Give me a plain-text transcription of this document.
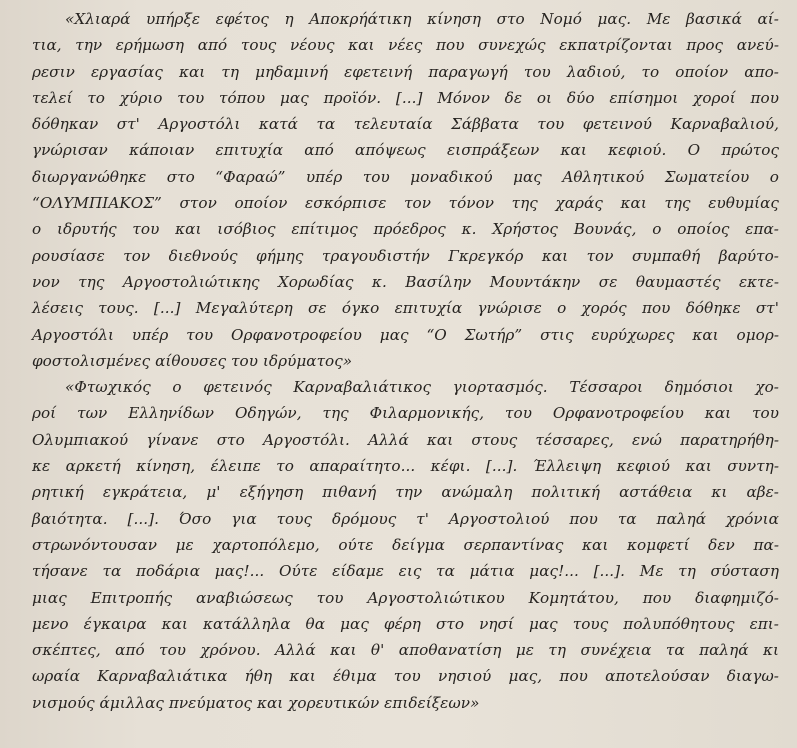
«Χλιαρά υπήρξε εφέτος η Αποκρήάτικη κίνηση στο Νομό μας. Με βασικά αί-
τια, την ερήμωση από τους νέους και νέες που συνεχώς εκπατρίζονται προς ανεύ-
ρεσιν εργασίας και τη μηδαμινή εφετεινή παραγωγή του λαδιού, το οποίον απο-
τελεί το χύριο του τόπου μας προϊόν. [...] Μόνον δε οι δύο επίσημοι χοροί που
δόθηκαν στ' Αργοστόλι κατά τα τελευταία Σάββατα του φετεινού Καρναβαλιού,
γνώρισαν κάποιαν επιτυχία από απόψεως εισπράξεων και κεφιού. Ο πρώτος
διωργανώθηκε στο “Φαραώ” υπέρ του μοναδικού μας Αθλητικού Σωματείου ο
“ΟΛΥΜΠΙΑΚΟΣ” στον οποίον εσκόρπισε τον τόνον της χαράς και της ευθυμίας
ο ιδρυτής του και ισόβιος επίτιμος πρόεδρος κ. Χρήστος Βουνάς, ο οποίος επα-
ρουσίασε τον διεθνούς φήμης τραγουδιστήν Γκρεγκόρ και τον συμπαθή βαρύτο-
νον της Αργοστολιώτικης Χορωδίας κ. Βασίλην Μουντάκην σε θαυμαστές εκτε-
λέσεις τους. [...] Μεγαλύτερη σε όγκο επιτυχία γνώρισε ο χορός που δόθηκε στ'
Αργοστόλι υπέρ του Ορφανοτροφείου μας “Ο Σωτήρ” στις ευρύχωρες και ομορ-
φοστολισμένες αίθουσες του ιδρύματος»
«Φτωχικός ο φετεινός Καρναβαλιάτικος γιορτασμός. Τέσσαροι δημόσιοι χο-
ροί των Ελληνίδων Οδηγών, της Φιλαρμονικής, του Ορφανοτροφείου και του
Ολυμπιακού γίνανε στο Αργοστόλι. Αλλά και στους τέσσαρες, ενώ παρατηρήθη-
κε αρκετή κίνηση, έλειπε το απαραίτητο... κέφι. [...]. Έλλειψη κεφιού και συντη-
ρητική εγκράτεια, μ' εξήγηση πιθανή την ανώμαλη πολιτική αστάθεια κι αβε-
βαιότητα. [...]. Όσο για τους δρόμους τ' Αργοστολιού που τα παληά χρόνια
στρωνόντουσαν με χαρτοπόλεμο, ούτε δείγμα σερπαντίνας και κομφετί δεν πα-
τήσανε τα ποδάρια μας!... Ούτε είδαμε εις τα μάτια μας!... [...]. Με τη σύσταση
μιας Επιτροπής αναβιώσεως του Αργοστολιώτικου Κομητάτου, που διαφημιζό-
μενο έγκαιρα και κατάλληλα θα μας φέρη στο νησί μας τους πολυπόθητους επι-
σκέπτες, από του χρόνου. Αλλά και θ' αποθανατίση με τη συνέχεια τα παληά κι
ωραία Καρναβαλιάτικα ήθη και έθιμα του νησιού μας, που αποτελούσαν διαγω-
νισμούς άμιλλας πνεύματος και χορευτικών επιδείξεων»
